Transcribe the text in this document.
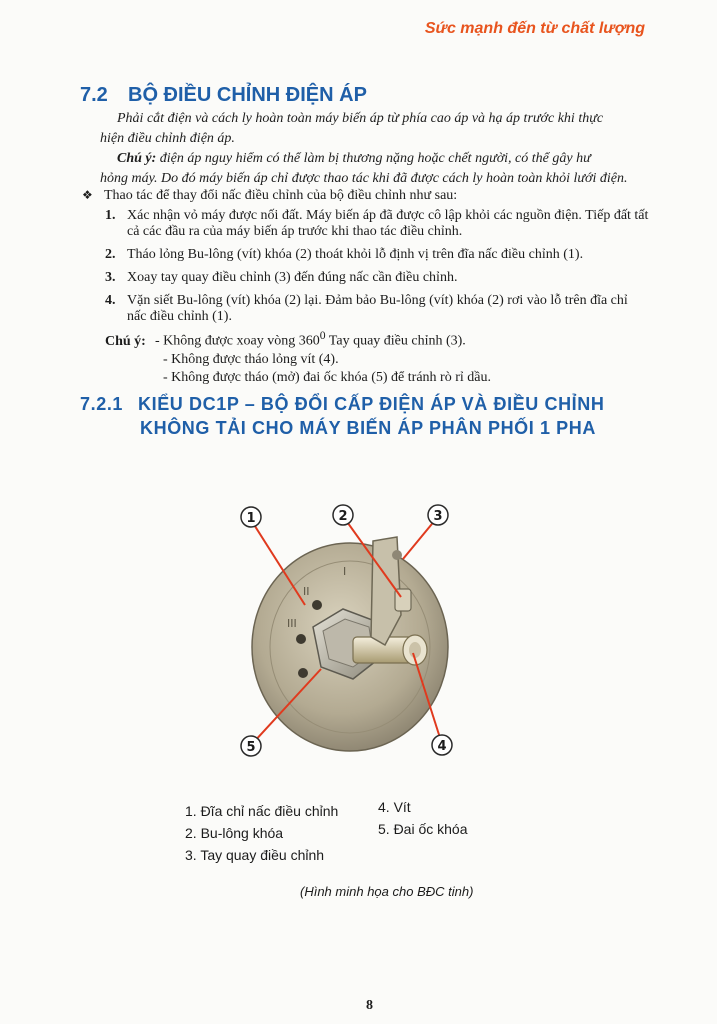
Sức mạnh đến từ chất lượng
7.2 BỘ ĐIỀU CHỈNH ĐIỆN ÁP

Phải cắt điện và cách ly hoàn toàn máy biến áp từ phía cao áp và hạ áp trước khi thực

hiện điều chỉnh điện áp.

Chú ý: điện áp nguy hiểm có thể làm bị thương nặng hoặc chết người, có thể gây hư

hỏng máy. Do đó máy biến áp chỉ được thao tác khi đã được cách ly hoàn toàn khỏi lưới điện.

❖ Thao tác để thay đổi nấc điều chỉnh của bộ điều chỉnh như sau:
1. Xác nhận vỏ máy được nối đất. Máy biến áp đã được cô lập khỏi các nguồn điện. Tiếp đất tất cả các đầu ra của máy biến áp trước khi thao tác điều chỉnh.
2. Tháo lỏng Bu-lông (vít) khóa (2) thoát khỏi lỗ định vị trên đĩa nấc điều chỉnh (1).
3. Xoay tay quay điều chỉnh (3) đến đúng nấc cần điều chỉnh.
4. Vặn siết Bu-lông (vít) khóa (2) lại. Đảm bảo Bu-lông (vít) khóa (2) rơi vào lỗ trên đĩa chỉ nấc điều chỉnh (1).
Chú ý: - Không được xoay vòng $360^0$ Tay quay điều chỉnh (3).
- Không được tháo lỏng vít (4).
- Không được tháo (mở) đai ốc khóa (5) để tránh rò rỉ dầu.
7.2.1 KIỂU DC1P – BỘ ĐỔI CẤP ĐIỆN ÁP VÀ ĐIỀU CHỈNH
KHÔNG TẢI CHO MÁY BIẾN ÁP PHÂN PHỐI 1 PHA
I
II
III
1	2	3
4
5
1. Đĩa chỉ nấc điều chỉnh
2. Bu-lông khóa
3. Tay quay điều chỉnh
4. Vít
5. Đai ốc khóa
(Hình minh họa cho BĐC tinh)
8
